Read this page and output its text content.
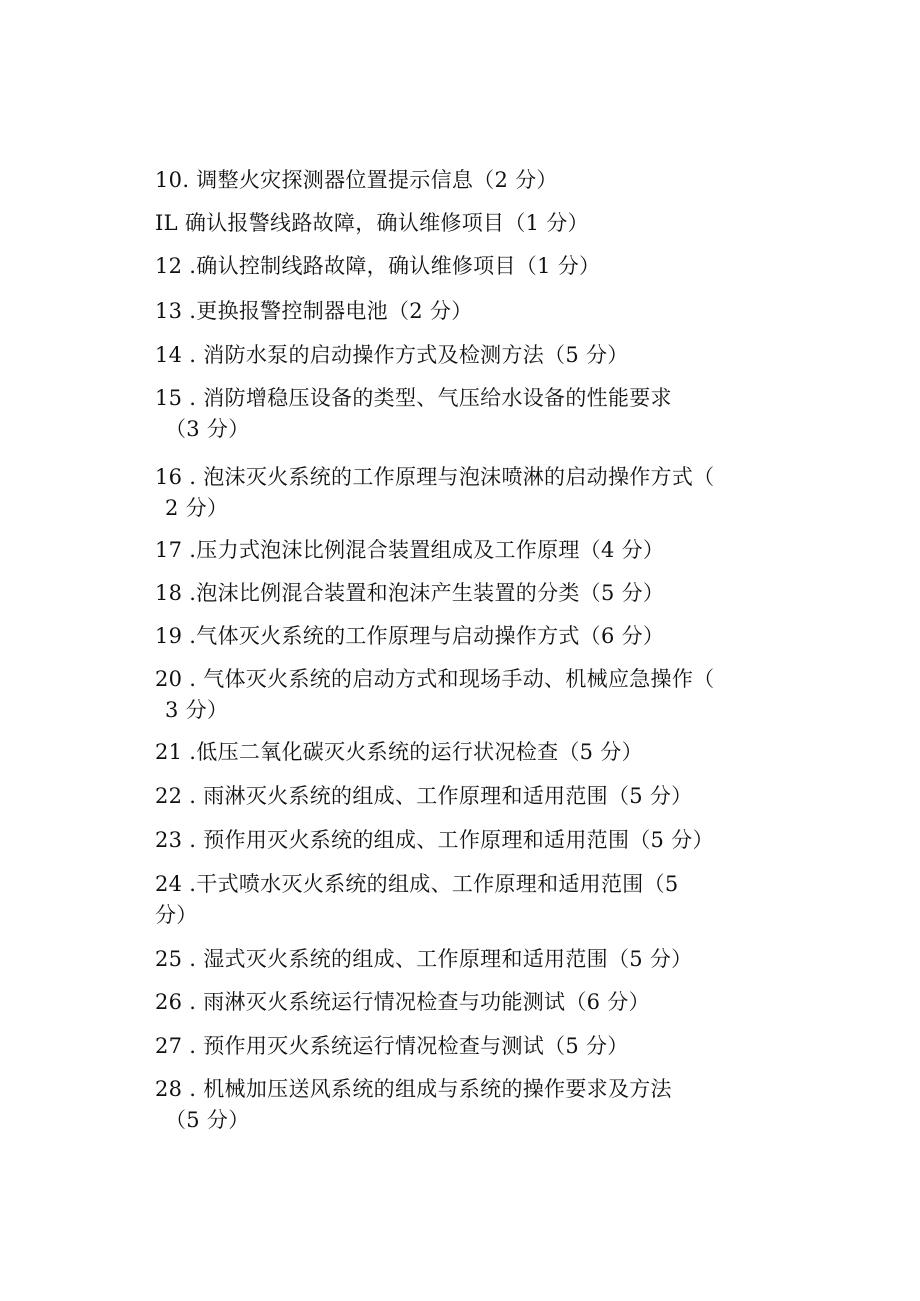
10. 调整火灾探测器位置提示信息（2 分）
IL 确认报警线路故障，确认维修项目（1 分）
12 .确认控制线路故障，确认维修项目（1 分）
13 .更换报警控制器电池（2 分）
14 . 消防水泵的启动操作方式及检测方法（5 分）
15 . 消防增稳压设备的类型、气压给水设备的性能要求
（3 分）
16 . 泡沫灭火系统的工作原理与泡沫喷淋的启动操作方式（
2 分）
17 .压力式泡沫比例混合装置组成及工作原理（4 分）
18 .泡沫比例混合装置和泡沫产生装置的分类（5 分）
19 .气体灭火系统的工作原理与启动操作方式（6 分）
20 . 气体灭火系统的启动方式和现场手动、机械应急操作（
3 分）
21 .低压二氧化碳灭火系统的运行状况检查（5 分）
22 . 雨淋灭火系统的组成、工作原理和适用范围（5 分）
23 . 预作用灭火系统的组成、工作原理和适用范围（5 分）
24 .干式喷水灭火系统的组成、工作原理和适用范围（5
分）
25 . 湿式灭火系统的组成、工作原理和适用范围（5 分）
26 . 雨淋灭火系统运行情况检查与功能测试（6 分）
27 . 预作用灭火系统运行情况检查与测试（5 分）
28 . 机械加压送风系统的组成与系统的操作要求及方法
（5 分）
